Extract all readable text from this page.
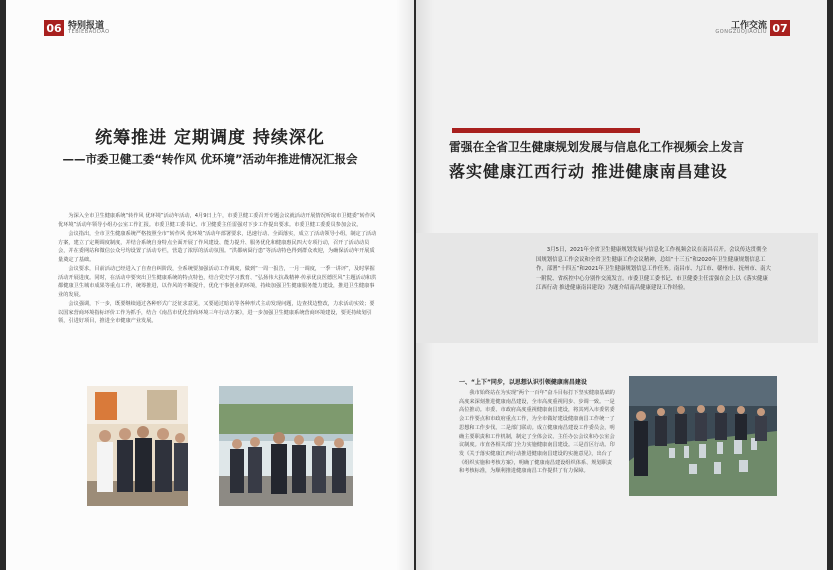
06 特别报道
TEBIEBAODAO
统筹推进 定期调度 持续深化
——市委卫健工委“转作风 优环境”活动年推进情况汇报会

为深入全市卫生健康系统“转作风 优环境”活动年活动，4月9日上午，市委卫健工委召开专题会议就活动开展情况听取市卫健委“转作风 优环境”活动年领导小组办公室工作汇报。市委卫健工委书记、市卫健委主任雷强对下步工作提出要求。市委卫健工委委员参加会议。

会议指出，全市卫生健康系统严格按照全市“转作风 优环境”活动年部署要求，迅速行动、全面落实，成立了活动领导小组，制定了活动方案，建立了定期调度制度，并结合系统自身特点全面开展了作风建设、能力提升、服务优化和健康惠民四大专项行动，召开了活动动员会，并在委网站和微信公众号均设置了活动专栏，营造了浓厚的活动氛围。“洪都病囧行患”等活动特色得到群众欢迎，为确保活动年开展质量奠定了基础。

会议要求，目前活动已经进入了自查自纠阶段，全系统要加强活动工作调度，做到“一周一报告，一月一调度，一季一讲评”，及时掌握活动开展进度。同时，在活动中要突出卫生健康系统的特点特色，结合党史学习教育、“弘扬伟大抗战精神·传承优良医德医风”主题活动和洪都健康卫生城市成果等重点工作，统筹推进，以作风的不断提升，优化干事创业的环境，持续加强卫生健康服务能力建设，推进卫生健康事业的发展。

会议强调，下一步，既要继续通过各种形式广泛征求意见，又要通过暗访等各种形式主动发现问题，边查找边整改，力求活动实效；要以国家营商环境指标评价工作为抓手，结合《南昌市优化营商环境三年行动方案》，进一步加强卫生健康系统营商环境建设，要更持续划引领，引进好项目，推进全市健康产业发展。

07
工作交流
GONGZUOJIAOLIU
雷强在全省卫生健康规划发展与信息化工作视频会上发言
落实健康江西行动 推进健康南昌建设

3月5日，2021年全省卫生健康规划发展与信息化工作视频会议在南昌召开。会议传达贯彻全国规划信息工作会议和全省卫生健康工作会议精神，总结“十三五”和2020年卫生健康规划信息工作，部署“十四五”和2021年卫生健康规划信息工作任务。南昌市、九江市、赣州市、抚州市、南大一附院、省疾控中心分别作交流发言。市委卫健工委书记、市卫健委主任雷强在会上以《落实健康江西行动 推进健康南昌建设》为题介绍南昌健康建设工作经验。

一、“上下”同步，以思想认识引领健康南昌建设

我市始终站在为实现“两个一百年”奋斗目标打下坚实健康基础的高度来深刻推进健康南昌建设，全市高度重视同步、步调一致。一是高位推动。市委、市政府高度重视健康南昌建设，将其列入市委常委会工作要点和市政府重点工作，为全市做好建设健康南昌工作统一了思想和工作步伐。二是部门联动。成立健康南昌建设工作委员会，明确主要职责和工作机制，制定了全体会议、主任办公会议和办公室会议制度。市直各相关部门全力实施健康南昌建设。三是首区行动。印发《关于落实健康江西行动推进健康南昌建设的实施意见》，出台了《组织实施和考核方案》，明确了健康南昌建设组织体系、规划职责和考核标准，为顺利推进健康南昌工作提供了有力保障。
